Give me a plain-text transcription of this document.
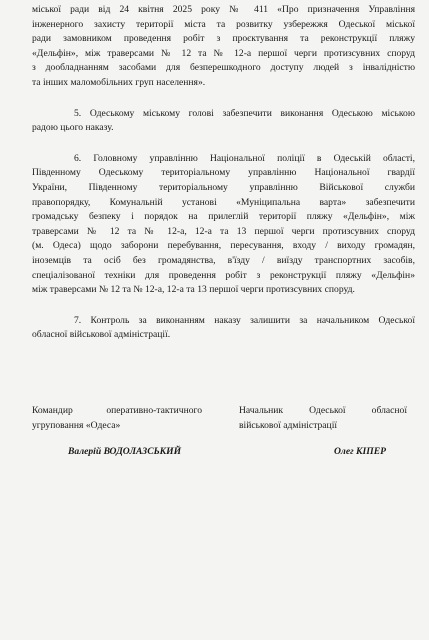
міської ради від 24 квітня 2025 року № 411 «Про призначення Управління
інженерного захисту території міста та розвитку узбережжя Одеської міської
ради замовником проведення робіт з проєктування та реконструкції пляжу
«Дельфін», між траверсами № 12 та № 12-а першої черги протизсувних споруд
з дообладнанням засобами для безперешкодного доступу людей з інвалідністю
та інших маломобільних груп населення».
5. Одеському міському голові забезпечити виконання Одеською міською
радою цього наказу.
6. Головному управлінню Національної поліції в Одеській області,
Південному Одеському територіальному управлінню Національної гвардії
України, Південному територіальному управлінню Військової служби
правопорядку, Комунальній установі «Муніципальна варта» забезпечити
громадську безпеку і порядок на прилеглій території пляжу «Дельфін», між
траверсами № 12 та № 12-а, 12-а та 13 першої черги протизсувних споруд
(м. Одеса) щодо заборони перебування, пересування, входу / виходу громадян,
іноземців та осіб без громадянства, в'їзду / виїзду транспортних засобів,
спеціалізованої техніки для проведення робіт з реконструкції пляжу «Дельфін»
між траверсами № 12 та № 12-а, 12-а та 13 першої черги протизсувних споруд.
7. Контроль за виконанням наказу залишити за начальником Одеської
обласної військової адміністрації.
Командир оперативно-тактичного
угруповання «Одеса»
Начальник Одеської обласної
військової адміністрації
Валерій ВОДОЛАЗСЬКИЙ	Олег КІПЕР
